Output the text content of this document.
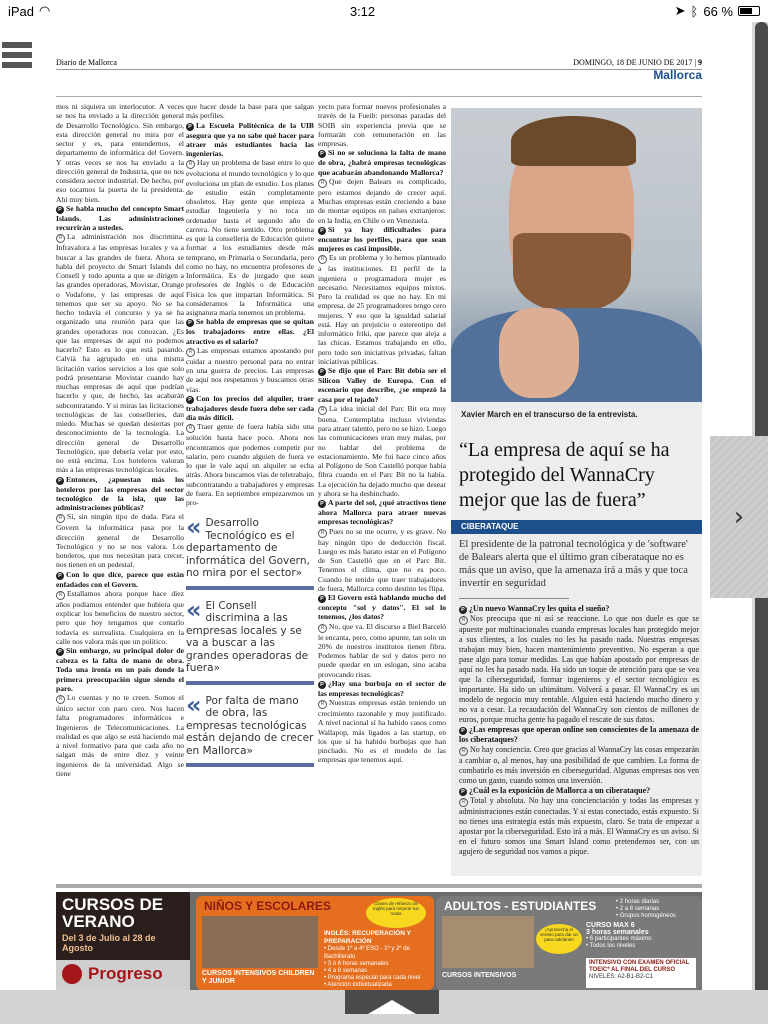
iPad ◠	3:12	➤ ᛒ 66 %
Diario de Mallorca	DOMINGO, 18 DE JUNIO DE 2017 | 9
Mallorca

mos ni siquiera un interlocutor. A veces se nos ha enviado a la dirección general de Desarrollo Tecnológico. Sin embargo, esta dirección general no mira por el sector y es, para entendernos, el departamento de informática del Govern. Y otras veces se nos ha enviado a la dirección general de Industria, que no nos considera sector industrial. De hecho, por eso tocamos la puerta de la presidenta. Ahí muy bien.

P Se habla mucho del concepto Smart Islands. Las administraciones recurrirán a ustedes.

R La administración nos discrimina. Infravalora a las empresas locales y va a buscar a las grandes de fuera. Ahora se habla del proyecto de Smart Islands del Consell y todo apunta a que se dirigen a las grandes operadoras, Movistar, Orange o Vodafone, y las empresas de aquí tenemos que ser su apoyo. No se ha hecho todavía el concurso y ya se ha organizado una reunión para que las grandes operadoras nos conozcan. ¿Es que las empresas de aquí no podemos hacerlo? Esto es lo que está pasando. Calvià ha agrupado en una misma licitación varios servicios a los que solo podrá presentarse Movistar cuando hay muchas empresas de aquí que podrían hacerlo y que, de hecho, las acabarán subcontratando. Y si miras las licitaciones tecnológicas de las conselleries, dan miedo. Muchas se quedan desiertas por desconocimiento de la tecnología. La dirección general de Desarrollo Tecnológico, que debería velar por esto, no está encima. Los hoteleros valoran más a las empresas tecnológicas locales.

P Entonces, ¿apuestan más los hoteleros por las empresas del sector tecnológico de la isla, que las administraciones públicas?

R Sí, sin ningún tipo de duda. Para el Govern la informática pasa por la dirección general de Desarrollo Tecnológico y no se nos valora. Los hoteleros, que nos necesitan para crecer, nos tienen en un pedestal.

P Con lo que dice, parece que están enfadados con el Govern.

R Estallamos ahora porque hace diez años podíamos entender que hubiera que explicar los beneficios de nuestro sector, pero que hoy tengamos que contarlo todavía es surrealista. Cualquiera en la calle nos valora más que un político.

P Sin embargo, su principal dolor de cabeza es la falta de mano de obra. Toda una ironía en un país donde la primera preocupación sigue siendo el paro.

R Lo cuentas y no te creen. Somos el único sector con paro cero. Nos hacen falta programadores informáticos e Ingenieros de Telecomunicaciones. La realidad es que algo se está haciendo mal a nivel formativo para que cada año no salgan más de entre diez y veinte ingenieros de la universidad. Algo se tiene

que hacer desde la base para que salgan más perfiles.

P La Escuela Politécnica de la UIB asegura que ya no sabe qué hacer para atraer más estudiantes hacia las ingenierías.

R Hay un problema de base entre lo que evoluciona el mundo tecnológico y lo que evoluciona un plan de estudio. Los planes de estudio están completamente obsoletos. Hay gente que empieza a estudiar Ingeniería y no toca un ordenador hasta el segundo año de carrera. No tiene sentido. Otro problema es que la conselleria de Educación quiere formar a los estudiantes desde más temprano, en Primaria o Secundaria, pero como no hay, no encuentra profesores de Informática. Es de juzgado que sean profesores de Inglés o de Educación Física los que impartan Informática. Si consideramos la Informática una asignatura maría tenemos un problema.

P Se habla de empresas que se quitan los trabajadores entre ellas. ¿El atractivo es el salario?

R Las empresas estamos apostando por cuidar a nuestro personal para no entrar en una guerra de precios. Las empresas de aquí nos respetamos y buscamos otras vías.

P Con los precios del alquiler, traer trabajadores desde fuera debe ser cada día más difícil.

R Traer gente de fuera había sido una solución hasta hace poco. Ahora nos encontramos que podemos competir por salario, pero cuando alguien de fuera ve lo que le vale aquí un alquiler se echa atrás. Ahora buscamos vías de teletrabajo, subcontratando a trabajadores y empresas de fuera. En septiembre empezaremos un pro-

« Desarrollo Tecnológico es el departamento de informática del Govern, no mira por el sector»
« El Consell discrimina a las empresas locales y se va a buscar a las grandes operadoras de fuera»
« Por falta de mano de obra, las empresas tecnológicas están dejando de crecer en Mallorca»

yecto para formar nuevos profesionales a través de la Fueib: personas paradas del SOIB sin experiencia previa que se formarán con remuneración en las empresas.

P Si no se soluciona la falta de mano de obra, ¿habrá empresas tecnológicas que acabarán abandonando Mallorca?

R Que dejen Balears es complicado, pero estamos dejando de crecer aquí. Muchas empresas están creciendo a base de montar equipos en países extranjeros: en la India, en Chile o en Venezuela.

P Si ya hay dificultades para encontrar los perfiles, para que sean mujeres es casi imposible.

R Es un problema y lo hemos planteado a las instituciones. El perfil de la ingeniera o programadora mujer es necesario. Necesitamos equipos mixtos. Pero la realidad es que no hay. En mi empresa, de 25 programadores tengo cero mujeres. Y eso que la igualdad salarial está. Hay un prejuicio o estereotipo del informático friki, que parece que aleja a las chicas. Estamos trabajando en ello, pero todo son iniciativas privadas, faltan iniciativas públicas.

P Se dijo que el Parc Bit debía ser el Silicon Valley de Europa. Con el escenario que describe, ¿se empezó la casa por el tejado?

R La idea inicial del Parc Bit era muy buena. Contemplaba incluso viviendas para atraer talento, pero no se hizo. Luego las comunicaciones eran muy malas, por no hablar del problema de estacionamiento. Me fui hace cinco años al Polígono de Son Castelló porque había fibra cuando en el Parc Bit no la había. La ejecución ha dejado mucho que desear y ahora se ha deshinchado.

P A parte del sol, ¿qué atractivos tiene ahora Mallorca para atraer nuevas empresas tecnológicas?

R Pues no se me ocurre, y es grave. No hay ningún tipo de deducción fiscal. Luego es más barato estar en el Polígono de Son Castelló que en el Parc Bit. Tenemos el clima, que no es poco. Cuando he tenido que traer trabajadores de fuera, Mallorca como destino les flipa.

P El Govern está hablando mucho del concepto "sol y datos". El sol lo tenemos, ¿los datos?

R No, que va. El discurso a Biel Barceló le encanta, pero, como apunte, tan solo un 20% de nuestros institutos tienen fibra. Podemos hablar de sol y datos pero no puede quedar en un eslogan, sino acaba provocando risas.

P ¿Hay una burbuja en el sector de las empresas tecnológicas?

R Nuestras empresas están teniendo un crecimiento razonable y muy justificado. A nivel nacional sí ha habido casos como Wallapop, más ligados a las startup, en los que sí ha habido burbujas que han pinchado. No es el modelo de las empresas que tenemos aquí.

Xavier March en el transcurso de la entrevista.
“La empresa de aquí se ha protegido del WannaCry mejor que las de fuera”
CIBERATAQUE
El presidente de la patronal tecnológica y de 'software' de Balears alerta que el último gran ciberataque no es más que un aviso, que la amenaza irá a más y que toca invertir en seguridad

P ¿Un nuevo WannaCry les quita el sueño?

R Nos preocupa que ni así se reaccione. Lo que nos duele es que se apueste por multinacionales cuando empresas locales han protegido mejor a sus clientes, a los cuales no les ha pasado nada. Nuestras empresas trabajan muy bien, hacen mantenimiento preventivo. No esperan a que pase algo para tomar medidas. Las que habían apostado por empresas de aquí no les ha pasado nada. Ha sido un toque de atención para que se vea que la ciberseguridad, formar ingenieros y el sector tecnológico es importante. Ha sido un ultimátum. Volverá a pasar. El WannaCry es un modelo de negocio muy rentable. Alguien está haciendo mucho dinero y no va a cesar. La recaudación del WannaCry son cientos de millones de euros, porque mucha gente ha pagado el rescate de sus datos.

P ¿Las empresas que operan online son conscientes de la amenaza de los ciberataques?

R No hay conciencia. Creo que gracias al WannaCry las cosas empezarán a cambiar o, al menos, hay una posibilidad de que cambien. La forma de combatirlo es más inversión en ciberseguridad. Algunas empresas nos ven como un gasto, cuando somos una inversión.

P ¿Cuál es la exposición de Mallorca a un ciberataque?

R Total y absoluta. No hay una concienciación y todas las empresas y administraciones están conectadas. Y si estas conectado, estás expuesto. Si no tienes una estrategia estás más expuesto, claro. Se trata de empezar a apostar por la ciberseguridad. Esto irá a más. El WannaCry es un aviso. Si en el futuro somos una Smart Island como pretendemos ser, con un agujero de seguridad nos vamos a pique.

CURSOS DE VERANO
Del 3 de Julio al 28 de Agosto
Progreso
NIÑOS Y ESCOLARES	Clases de refuerzo de inglés para mejorar tus notas
INGLÉS: RECUPERACIÓN Y PREPARACIÓN
• Desde 1º a 4º ESO - 1º y 2º de Bachillerato
• 3 ó 6 horas semanales
• 4 a 8 semanas
• Programa especial para cada nivel
• Atención individualizada
CURSOS INTENSIVOS CHILDREN Y JUNIOR
ADULTOS - ESTUDIANTES	• 2 horas diarias
• 2 a 8 semanas
• Grupos homogéneos
CURSO MAX 6
3 horas semanales
• 6 participantes máximo
• Todos los niveles
¡Aprovecha el verano para dar un paso adelante!
INTENSIVO CON EXAMEN OFICIAL TOEIC* AL FINAL DEL CURSO
NIVELES: A2-B1-B2-C1
CURSOS INTENSIVOS
›
